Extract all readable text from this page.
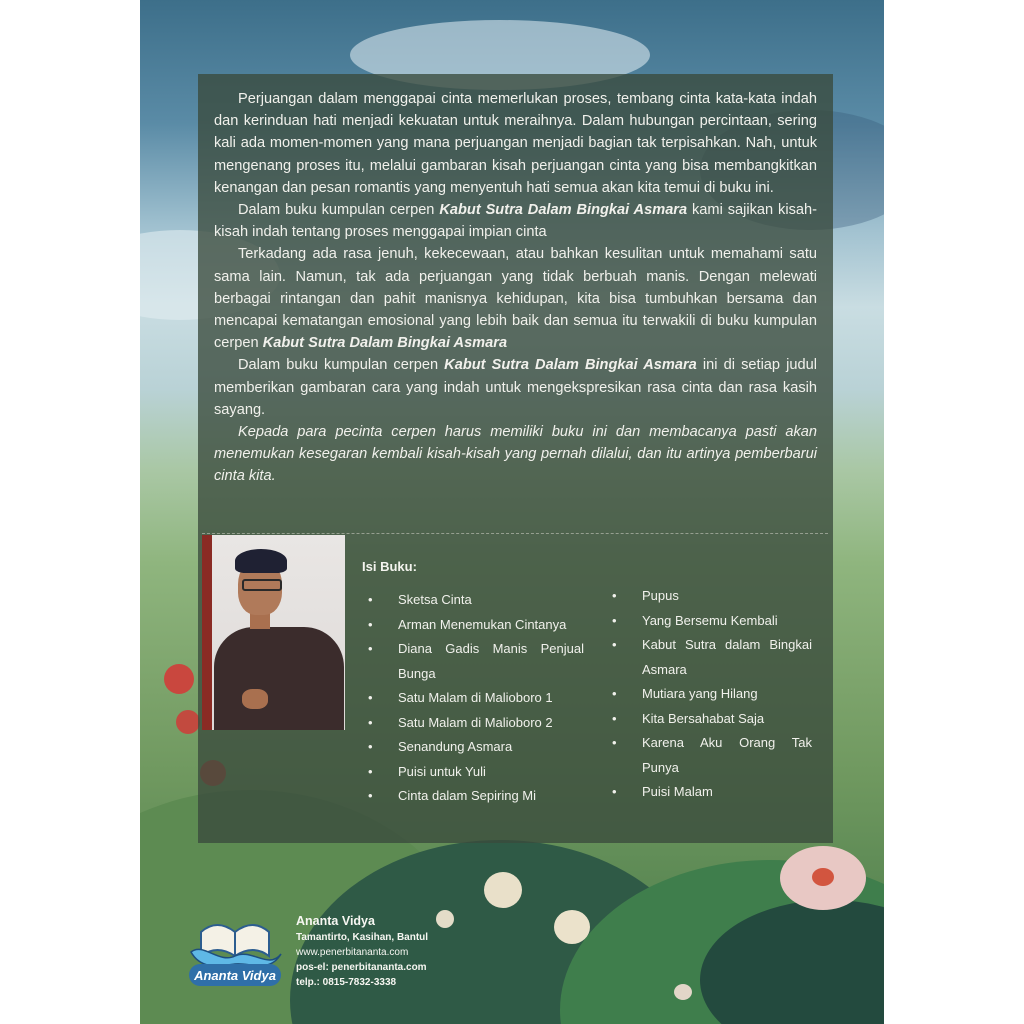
Perjuangan dalam menggapai cinta memerlukan proses, tembang cinta kata-kata indah dan kerinduan hati menjadi kekuatan untuk meraihnya. Dalam hubungan percintaan, sering kali ada momen-momen yang mana perjuangan menjadi bagian tak terpisahkan. Nah, untuk mengenang proses itu, melalui gambaran kisah perjuangan cinta yang bisa membangkitkan kenangan dan pesan romantis yang menyentuh hati semua akan kita temui di buku ini.

Dalam buku kumpulan cerpen Kabut Sutra Dalam Bingkai Asmara kami sajikan kisah-kisah indah tentang proses menggapai impian cinta

Terkadang ada rasa jenuh, kekecewaan, atau bahkan kesulitan untuk memahami satu sama lain. Namun, tak ada perjuangan yang tidak berbuah manis. Dengan melewati berbagai rintangan dan pahit manisnya kehidupan, kita bisa tumbuhkan bersama dan mencapai kematangan emosional yang lebih baik dan semua itu terwakili di buku kumpulan cerpen Kabut Sutra Dalam Bingkai Asmara

Dalam buku kumpulan cerpen Kabut Sutra Dalam Bingkai Asmara ini di setiap judul memberikan gambaran cara yang indah untuk mengekspresikan rasa cinta dan rasa kasih sayang.

Kepada para pecinta cerpen harus memiliki buku ini dan membacanya pasti akan menemukan kesegaran kembali kisah-kisah yang pernah dilalui, dan itu artinya pemberbarui cinta kita.

Isi Buku:
• Sketsa Cinta
• Arman Menemukan Cintanya
• Diana Gadis Manis Penjual Bunga
• Satu Malam di Malioboro 1
• Satu Malam di Malioboro 2
• Senandung Asmara
• Puisi untuk Yuli
• Cinta dalam Sepiring Mi
• Pupus
• Yang Bersemu Kembali
• Kabut Sutra dalam Bingkai Asmara
• Mutiara yang Hilang
• Kita Bersahabat Saja
• Karena Aku Orang Tak Punya
• Puisi Malam
Ananta Vidya
Ananta Vidya
Tamantirto, Kasihan, Bantul
www.penerbitananta.com
pos-el: penerbitananta.com
telp.: 0815-7832-3338
